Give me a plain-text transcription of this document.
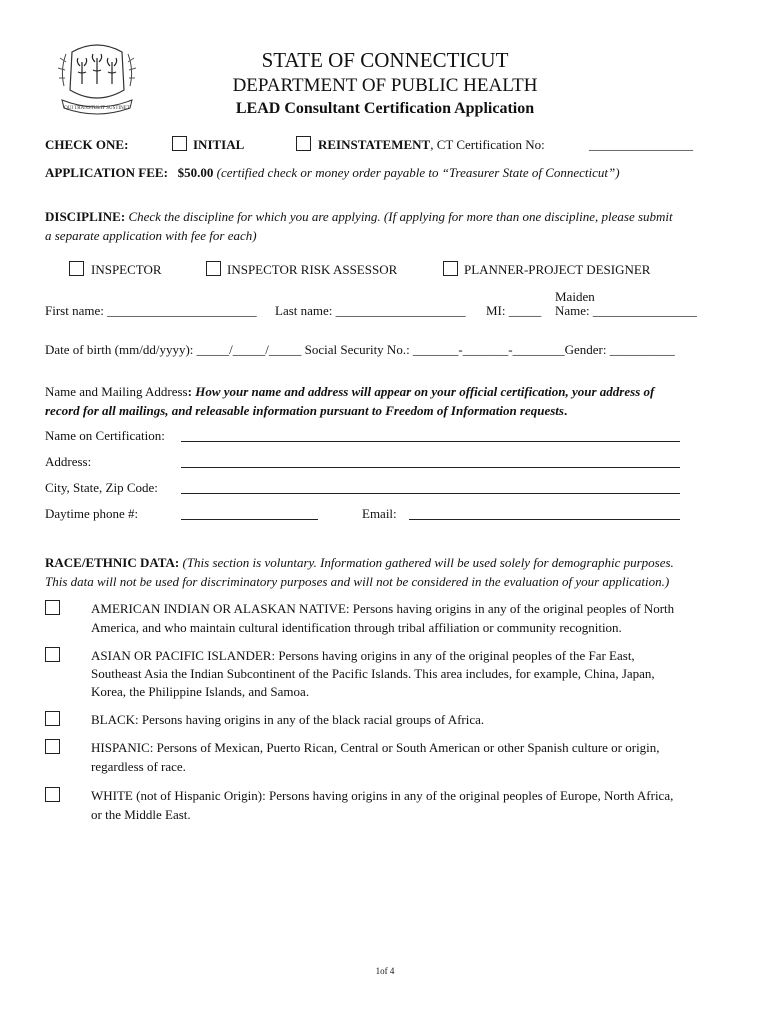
QUI TRANSTULIT SUSTINET
STATE OF CONNECTICUT
DEPARTMENT OF PUBLIC HEALTH
LEAD Consultant Certification Application
CHECK ONE:	INITIAL	REINSTATEMENT, CT Certification No:	________________
APPLICATION FEE: $50.00 (certified check or money order payable to “Treasurer State of Connecticut”)
DISCIPLINE: Check the discipline for which you are applying. (If applying for more than one discipline, please submit
a separate application with fee for each)
INSPECTOR	INSPECTOR RISK ASSESSOR	PLANNER-PROJECT DESIGNER
First name: _______________________ Last name: ____________________ MI: _____
Maiden
Name: ________________
Date of birth (mm/dd/yyyy): _____/_____/_____ Social Security No.: _______-_______-________Gender: __________
Name and Mailing Address: How your name and address will appear on your official certification, your address of
record for all mailings, and releasable information pursuant to Freedom of Information requests.
Name on Certification:
Address:
City, State, Zip Code:
Daytime phone #:	Email:
RACE/ETHNIC DATA: (This section is voluntary. Information gathered will be used solely for demographic purposes.
This data will not be used for discriminatory purposes and will not be considered in the evaluation of your application.)
AMERICAN INDIAN OR ALASKAN NATIVE: Persons having origins in any of the original peoples of North
America, and who maintain cultural identification through tribal affiliation or community recognition.
ASIAN OR PACIFIC ISLANDER: Persons having origins in any of the original peoples of the Far East,
Southeast Asia the Indian Subcontinent of the Pacific Islands. This area includes, for example, China, Japan,
Korea, the Philippine Islands, and Samoa.
BLACK: Persons having origins in any of the black racial groups of Africa.
HISPANIC: Persons of Mexican, Puerto Rican, Central or South American or other Spanish culture or origin,
regardless of race.
WHITE (not of Hispanic Origin): Persons having origins in any of the original peoples of Europe, North Africa,
or the Middle East.
1of 4
